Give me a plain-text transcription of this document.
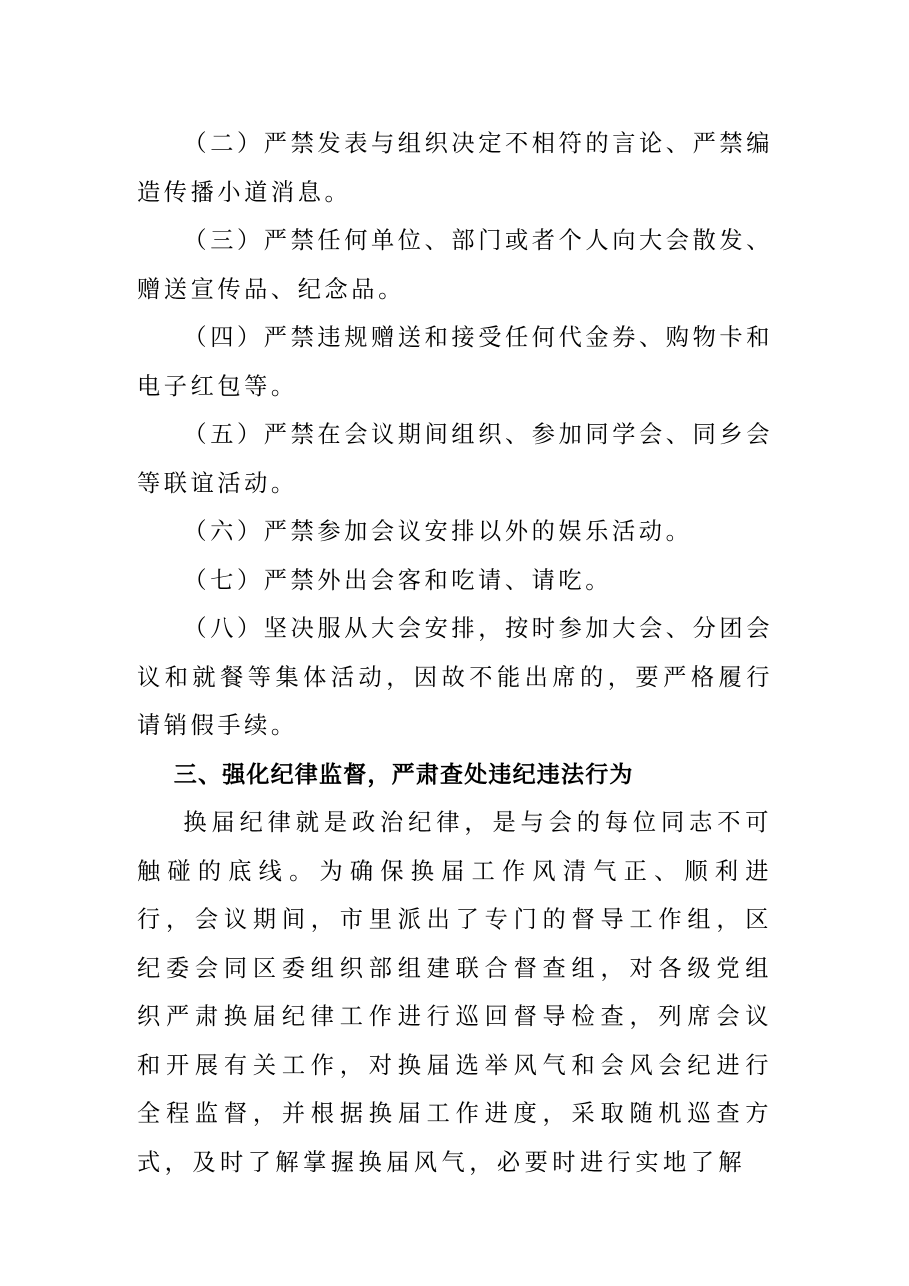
（二）严禁发表与组织决定不相符的言论、严禁编造传播小道消息。

（三）严禁任何单位、部门或者个人向大会散发、赠送宣传品、纪念品。

（四）严禁违规赠送和接受任何代金券、购物卡和电子红包等。

（五）严禁在会议期间组织、参加同学会、同乡会等联谊活动。

（六）严禁参加会议安排以外的娱乐活动。

（七）严禁外出会客和吃请、请吃。

（八）坚决服从大会安排，按时参加大会、分团会议和就餐等集体活动，因故不能出席的，要严格履行请销假手续。

三、强化纪律监督，严肃查处违纪违法行为

换届纪律就是政治纪律，是与会的每位同志不可触碰的底线。为确保换届工作风清气正、顺利进行，会议期间，市里派出了专门的督导工作组，区纪委会同区委组织部组建联合督查组，对各级党组织严肃换届纪律工作进行巡回督导检查，列席会议和开展有关工作，对换届选举风气和会风会纪进行全程监督，并根据换届工作进度，采取随机巡查方式，及时了解掌握换届风气，必要时进行实地了解
